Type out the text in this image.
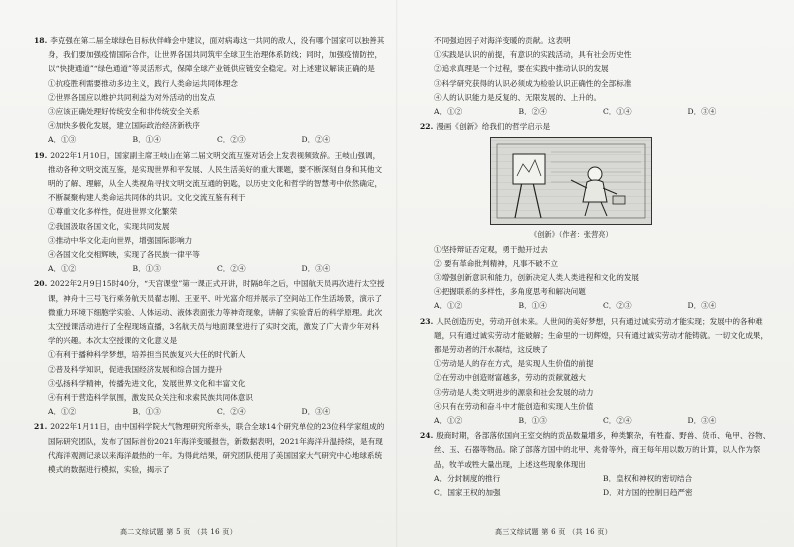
18. 李克强在第二届全球绿色目标伙伴峰会中建议，面对病毒这一共同的敌人，没有哪个国家可以独善其身，我们要加强疫情国际合作，让世界各国共同筑牢全球卫生治理体系防线；同时，加强疫情防控，以“快捷通道”“绿色通道”等灵活形式，保障全球产业链供应链安全稳定。对上述建议解读正确的是
①抗疫胜利需要推动多边主义，践行人类命运共同体理念
②世界各国应以维护共同利益为对外活动的出发点
③应该正确处理好传统安全和非传统安全关系
④加快多极化发展，建立国际政治经济新秩序
A．①③	B．①④	C．②③	D．②④
19. 2022年1月10日，国家副主席王岐山在第二届文明交流互鉴对话会上发表视频致辞。王岐山强调，推动各种文明交流互鉴，是实现世界和平发展、人民生活美好的重大课题，要不断深刻自身和其他文明的了解、理解，从全人类视角寻找文明交流互通的钥匙，以历史文化和哲学的智慧考中依然确定，不断凝聚构建人类命运共同体的共识。文化交流互鉴有利于
①尊重文化多样性，促进世界文化繁荣
②我国汲取各国文化，实现共同发展
③推动中华文化走向世界，增强国际影响力
④各国文化交相辉映，实现了各民族一律平等
A．①②	B．①③	C．②④	D．③④
20. 2022年2月9日15时40分，“天宫课堂”第一课正式开讲，时隔8年之后，中国航天员再次进行太空授课，神舟十三号飞行乘务航天员翟志刚、王亚平、叶光富介绍并展示了空间站工作生活场景，演示了微重力环境下细胞学实验、人体运动、液体表面张力等神奇现象，讲解了实验背后的科学原理。此次太空授课活动进行了全程现场直播，3名航天员与地面课堂进行了实时交流，激发了广大青少年对科学的兴趣。本次太空授课的文化意义是
①有利于播种科学梦想，培养担当民族复兴大任的时代新人
②普及科学知识，促进我国经济发展和综合国力提升
③弘扬科学精神，传播先进文化，发展世界文化和丰富文化
④有利于营造科学氛围，激发民众关注和求索民族共同体意识
A．①②	B．①③	C．②④	D．③④
21. 2022年1月11日，由中国科学院大气物理研究所牵头，联合全球14个研究单位的23位科学家组成的国际研究团队，发布了国际首份2021年海洋变暖报告，新数据表明，2021年海洋升温持续，是有现代海洋观测记录以来海洋最热的一年。为得此结果，研究团队使用了美国国家大气研究中心地球系统模式的数据进行模拟，实验，揭示了
高二文综试题 第 5 页 （共 16 页）
不同强迫因子对海洋变暖的贡献。这表明
①实践是认识的前提，有意识的实践活动，具有社会历史性
②追求真理是一个过程，要在实践中推动认识的发展
③科学研究获得的认识必须成为检验认识正确性的全部标准
④人的认识能力是反复的、无限发展的、上升的。
A．①②	B．②④	C．①④	D．③④
22. 漫画《创新》给我们的哲学启示是
《创新》（作者：张营亮）
①坚持辩证否定观，勇于抛开过去
② 要有革命批判精神，凡事不破不立
③增强创新意识和能力，创新决定人类人类进程和文化的发展
④把握联系的多样性，多角度思考和解决问题
A．①②	B．①④	C．②③	D．③④
23. 人民创造历史，劳动开创未来。人世间的美好梦想，只有通过诚实劳动才能实现；发展中的各种难题，只有通过诚实劳动才能破解；生命里的一切辉煌，只有通过诚实劳动才能铸就。一切文化成果，都是劳动者的汗水凝结，这反映了
①劳动是人的存在方式，是实现人生价值的前提
②在劳动中创造财富越多，劳动的贡献就越大
③劳动是人类文明进步的源泉和社会发展的动力
④只有在劳动和奋斗中才能创造和实现人生价值
A．①②	B．①③	C．②④	D．③④
24. 殷商时期，各部落依国向王室交纳的贡品数量增多，种类繁杂，有牲畜、野兽、货币、龟甲、谷物、丝、玉、石器等物品。除了部落方国中的北甲、兆骨等外，商王每年用以数万的计算，以人作为祭品，牧羊或牲大量出现，上述这些现象体现出
A．分封制度的推行	B．皇权和神权的密切结合
C．国家王权的加强	D．对方国的控制日趋严密
高三文综试题 第 6 页 （共 16 页）
